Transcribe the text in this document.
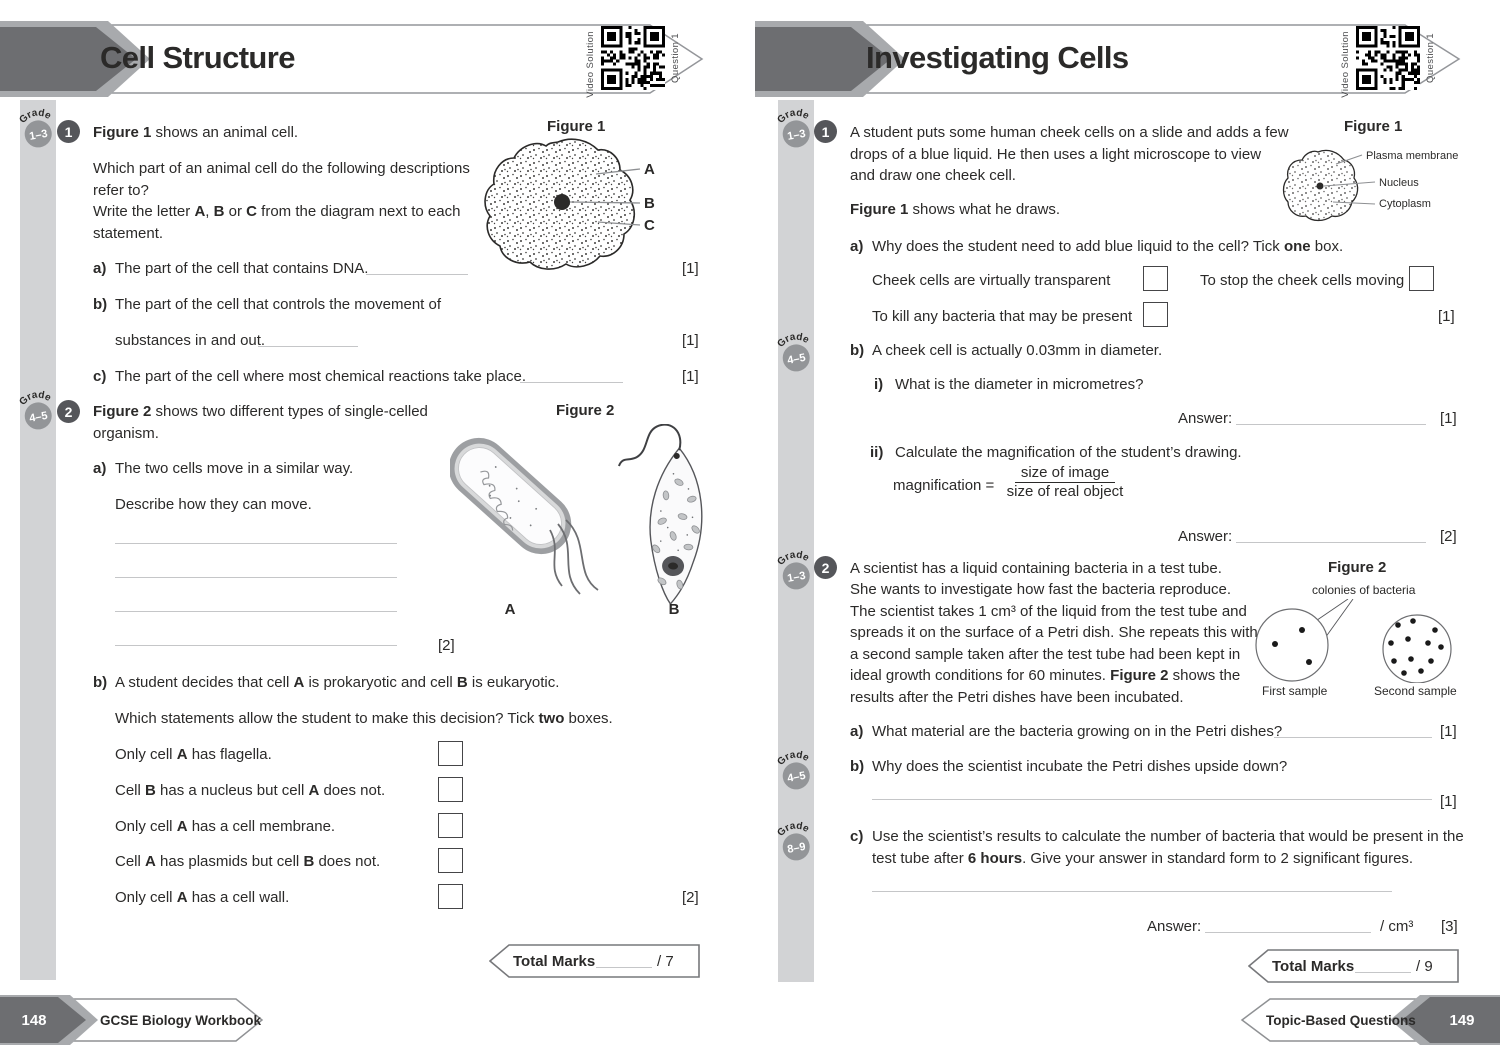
Cell Structure	Video Solution	Question 1
Grade
1–3	1	Figure 1 shows an animal cell.
Which part of an animal cell do the following descriptions
refer to?
Write the letter A, B or C from the diagram next to each
statement.
a) The part of the cell that contains DNA.	[1]
b) The part of the cell that controls the movement of
substances in and out.	[1]
c) The part of the cell where most chemical reactions take place.	[1]
Figure 1
A
B
C
Grade
4–5	2	Figure 2 shows two different types of single-celled
organism.
a) The two cells move in a similar way.
Describe how they can move.
[2]
Figure 2
A	B
b) A student decides that cell A is prokaryotic and cell B is eukaryotic.
Which statements allow the student to make this decision? Tick two boxes.
Only cell A has flagella.
Cell B has a nucleus but cell A does not.
Only cell A has a cell membrane.
Cell A has plasmids but cell B does not.
Only cell A has a cell wall.	[2]
Total Marks	/ 7
148	GCSE Biology Workbook
Investigating Cells	Video Solution	Question 1
Grade
1–3	1	A student puts some human cheek cells on a slide and adds a few
drops of a blue liquid. He then uses a light microscope to view
and draw one cheek cell.
Figure 1 shows what he draws.
Figure 1
Plasma membrane
Nucleus
Cytoplasm
a) Why does the student need to add blue liquid to the cell? Tick one box.
Cheek cells are virtually transparent	To stop the cheek cells moving
To kill any bacteria that may be present	[1]
Grade
4–5
b) A cheek cell is actually 0.03mm in diameter.
i) What is the diameter in micrometres?
Answer:	[1]
ii) Calculate the magnification of the student’s drawing.
magnification =
size of image
size of real object
Answer:	[2]
Grade
1–3
2	A scientist has a liquid containing bacteria in a test tube.
She wants to investigate how fast the bacteria reproduce.
The scientist takes 1 cm³ of the liquid from the test tube and
spreads it on the surface of a Petri dish. She repeats this with
a second sample taken after the test tube had been kept in
ideal growth conditions for 60 minutes. Figure 2 shows the
results after the Petri dishes have been incubated.
Figure 2
colonies of bacteria
First sample	Second sample
a) What material are the bacteria growing on in the Petri dishes?	[1]
Grade
4–5
b) Why does the scientist incubate the Petri dishes upside down?
[1]
Grade
8–9
c) Use the scientist’s results to calculate the number of bacteria that would be present in the
test tube after 6 hours. Give your answer in standard form to 2 significant figures.
Answer:	/ cm³ [3]
Total Marks	/ 9
Topic-Based Questions	149
